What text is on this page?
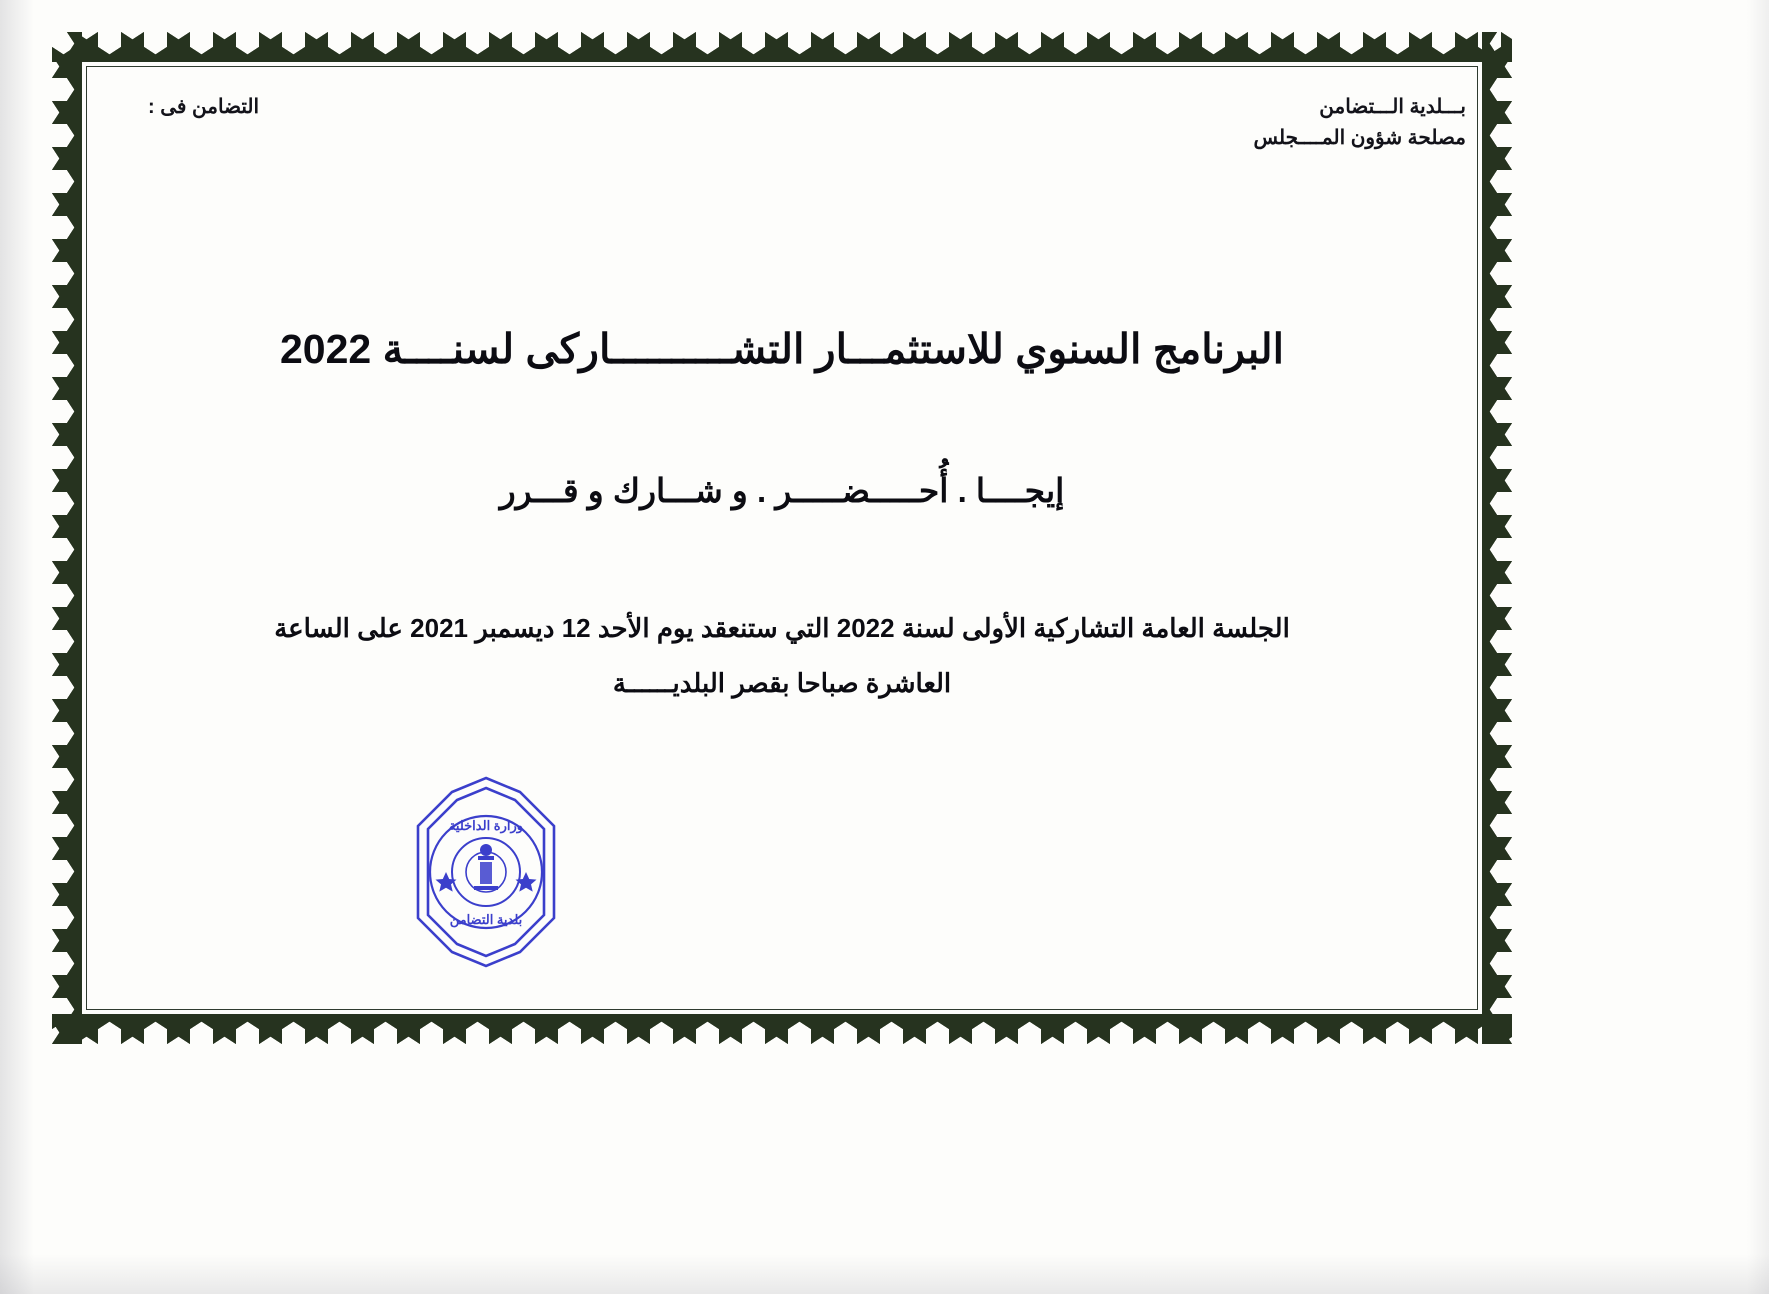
بـــلدية الـــتضامن
مصلحة شؤون المــــجلس
التضامن فى :
البرنامج السنوي للاستثمـــار التشــــــــــاركى لسنــــة 2022
إيجــــا . أُحـــــضـــــر . و شـــارك و قـــرر
الجلسة العامة التشاركية الأولى لسنة 2022 التي ستنعقد يوم الأحد 12 ديسمبر 2021 على الساعة
العاشرة صباحا بقصر البلديــــــة
وزارة الداخلية
بلدية التضامن
